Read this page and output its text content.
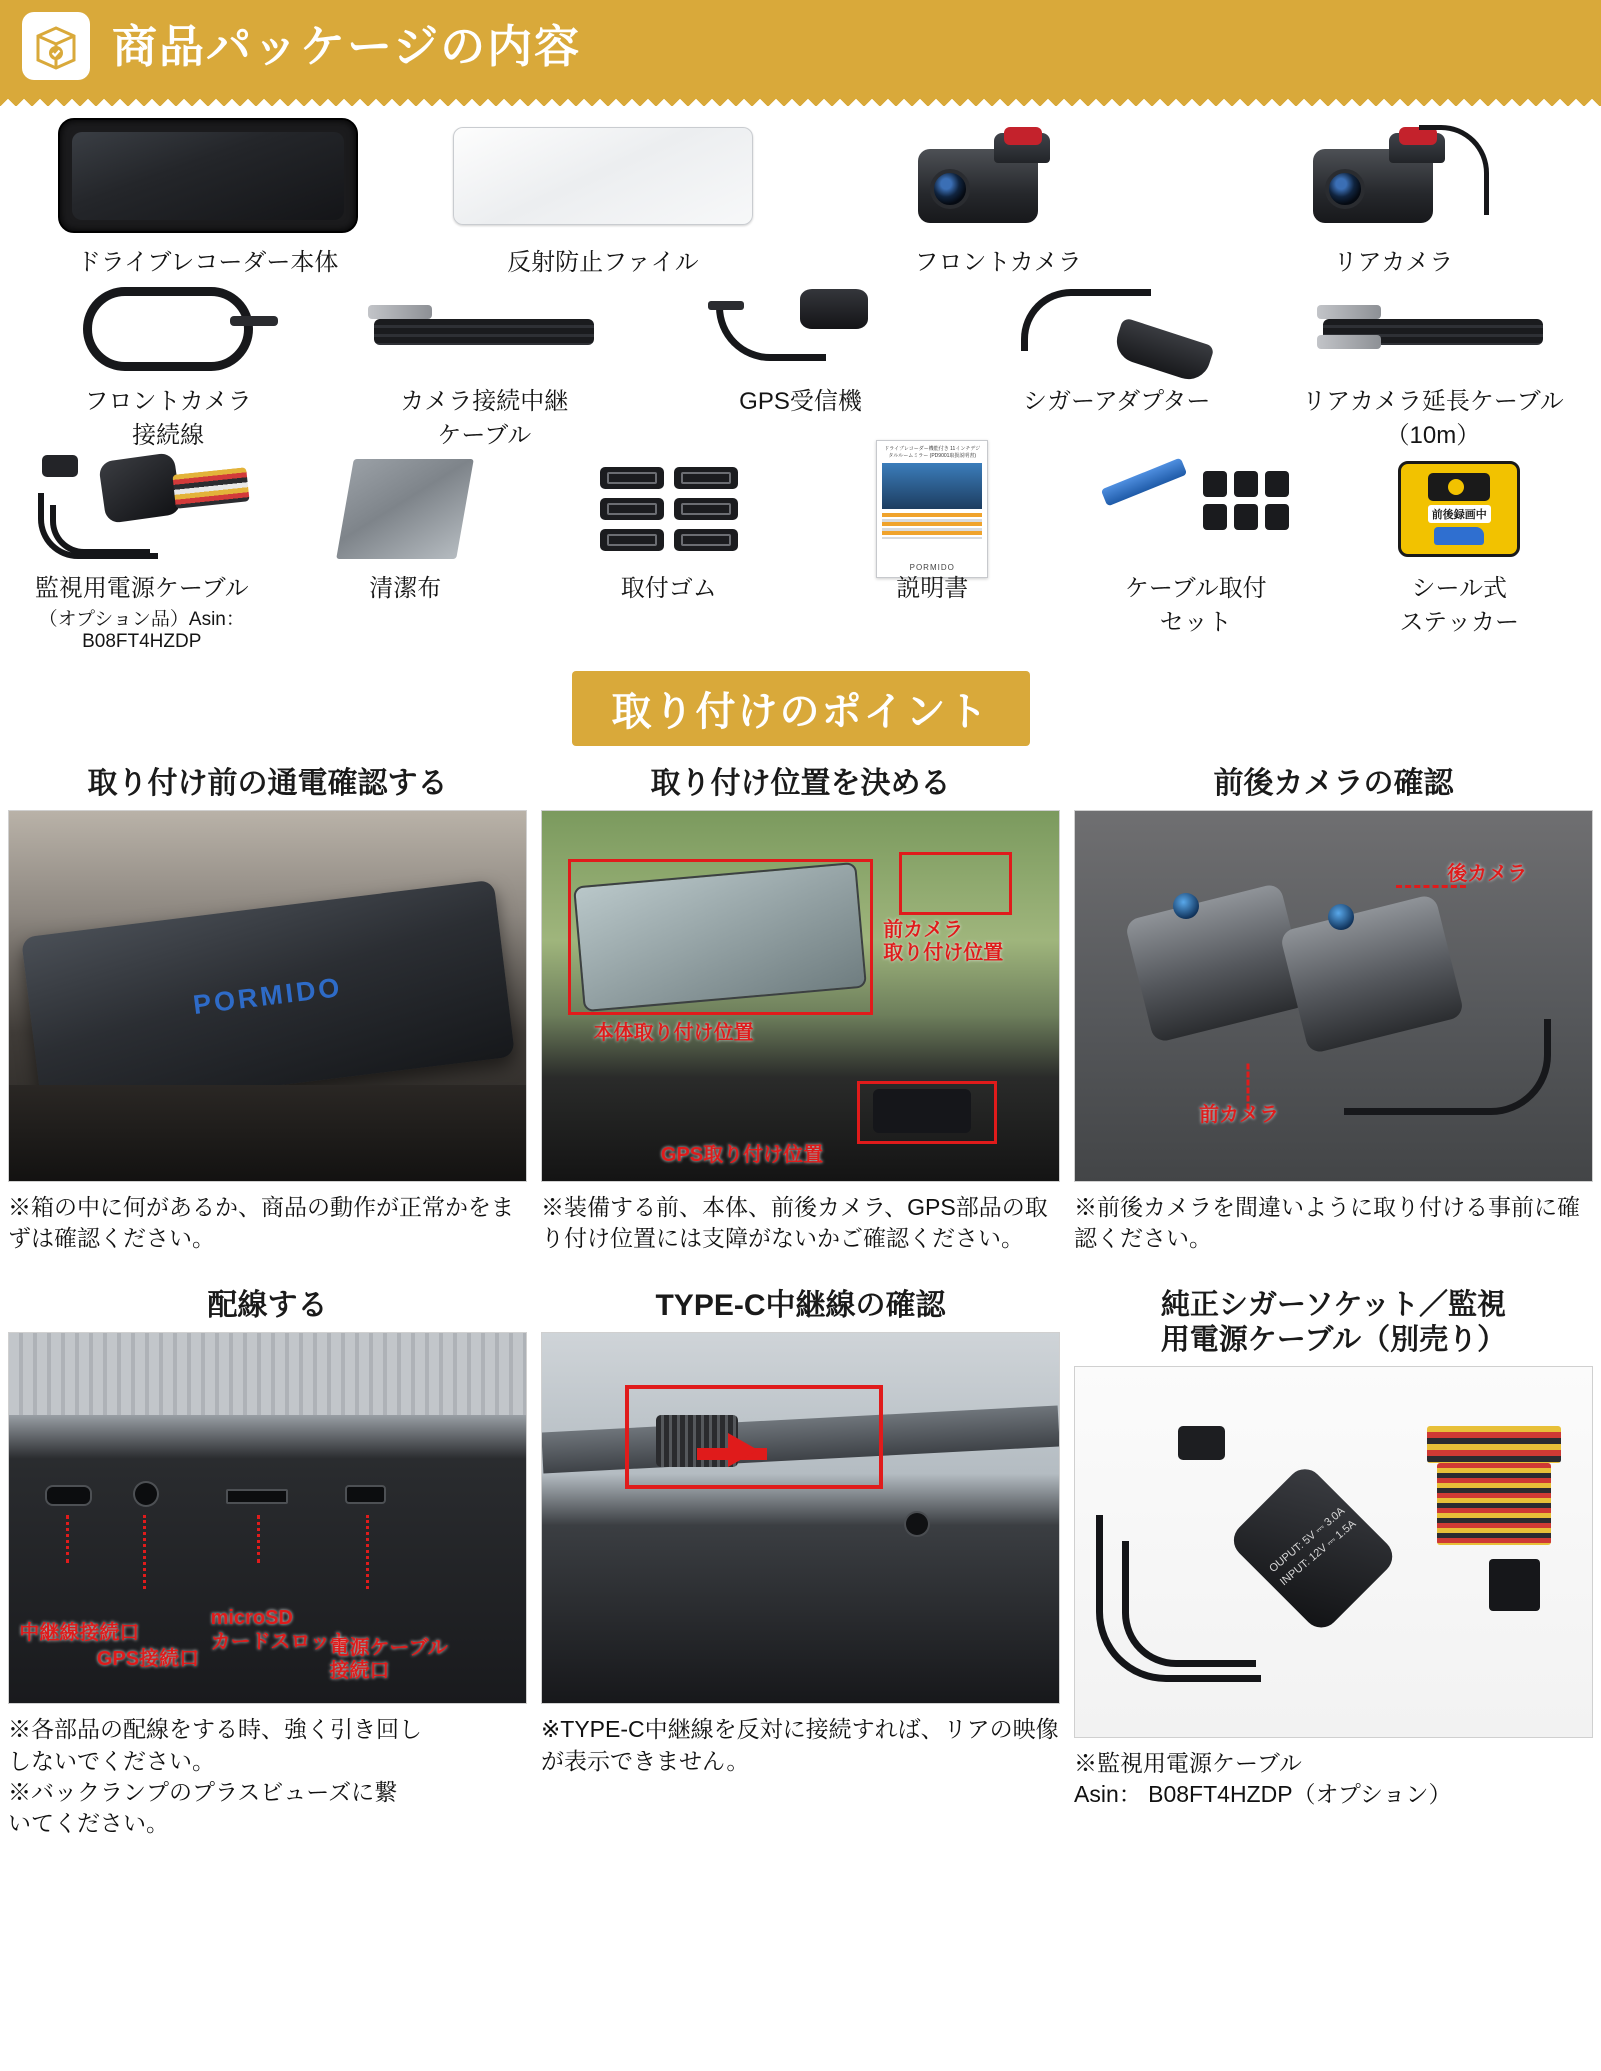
商品パッケージの内容
ドライブレコーダー本体	反射防止ファイル	フロントカメラ	リアカメラ
フロントカメラ
接続線
カメラ接続中継
ケーブル
GPS受信機	シガーアダプター	リアカメラ延長ケーブル
（10m）
監視用電源ケーブル
（オプション品）Asin：B08FT4HZDP
清潔布	取付ゴム
ドライブレコーダー機能付き 11インチデジタルルームミラー (PD9001取扱説明書)
PORMIDO
説明書	ケーブル取付
セット
前後録画中
シール式
ステッカー
取り付けのポイント
取り付け前の通電確認する
PORMIDO
※箱の中に何があるか、商品の動作が正常かをまずは確認ください。
取り付け位置を決める
本体取り付け位置
前カメラ
取り付け位置
GPS取り付け位置
※装備する前、本体、前後カメラ、GPS部品の取り付け位置には支障がないかご確認ください。
前後カメラの確認
後カメラ
前カメラ
※前後カメラを間違いように取り付ける事前に確認ください。
配線する
中継線接続口
GPS接続口
microSD
カードスロット
電源ケーブル
接続口
※各部品の配線をする時、強く引き回し
しないでください。
※バックランプのプラスビューズに繋
いてください。
TYPE-C中継線の確認
※TYPE-C中継線を反対に接続すれば、リアの映像が表示できません。
純正シガーソケット／監視
用電源ケーブル（別売り）
OUPUT: 5V ⎓ 3.0A INPUT: 12V ⎓ 1.5A
※監視用電源ケーブル
Asin： B08FT4HZDP（オプション）
